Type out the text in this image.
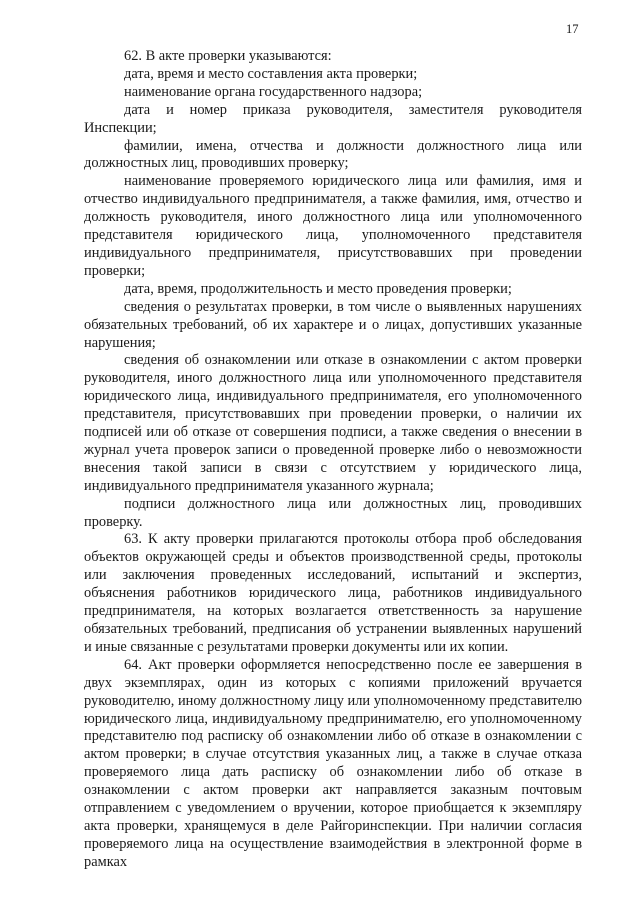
17

62. В акте проверки указываются:

дата, время и место составления акта проверки;

наименование органа государственного надзора;

дата и номер приказа руководителя, заместителя руководителя Инспекции;

фамилии, имена, отчества и должности должностного лица или должностных лиц, проводивших проверку;

наименование проверяемого юридического лица или фамилия, имя и отчество индивидуального предпринимателя, а также фамилия, имя, отчество и должность руководителя, иного должностного лица или уполномоченного представителя юридического лица, уполномоченного представителя индивидуального предпринимателя, присутствовавших при проведении проверки;

дата, время, продолжительность и место проведения проверки;

сведения о результатах проверки, в том числе о выявленных нарушениях обязательных требований, об их характере и о лицах, допустивших указанные нарушения;

сведения об ознакомлении или отказе в ознакомлении с актом проверки руководителя, иного должностного лица или уполномоченного представителя юридического лица, индивидуального предпринимателя, его уполномоченного представителя, присутствовавших при проведении проверки, о наличии их подписей или об отказе от совершения подписи, а также сведения о внесении в журнал учета проверок записи о проведенной проверке либо о невозможности внесения такой записи в связи с отсутствием у юридического лица, индивидуального предпринимателя указанного журнала;

подписи должностного лица или должностных лиц, проводивших проверку.

63. К акту проверки прилагаются протоколы отбора проб обследования объектов окружающей среды и объектов производственной среды, протоколы или заключения проведенных исследований, испытаний и экспертиз, объяснения работников юридического лица, работников индивидуального предпринимателя, на которых возлагается ответственность за нарушение обязательных требований, предписания об устранении выявленных нарушений и иные связанные с результатами проверки документы или их копии.

64. Акт проверки оформляется непосредственно после ее завершения в двух экземплярах, один из которых с копиями приложений вручается руководителю, иному должностному лицу или уполномоченному представителю юридического лица, индивидуальному предпринимателю, его уполномоченному представителю под расписку об ознакомлении либо об отказе в ознакомлении с актом проверки; в случае отсутствия указанных лиц, а также в случае отказа проверяемого лица дать расписку об ознакомлении либо об отказе в ознакомлении с актом проверки акт направляется заказным почтовым отправлением с уведомлением о вручении, которое приобщается к экземпляру акта проверки, хранящемуся в деле Райгоринспекции. При наличии согласия проверяемого лица на осуществление взаимодействия в электронной форме в рамках
